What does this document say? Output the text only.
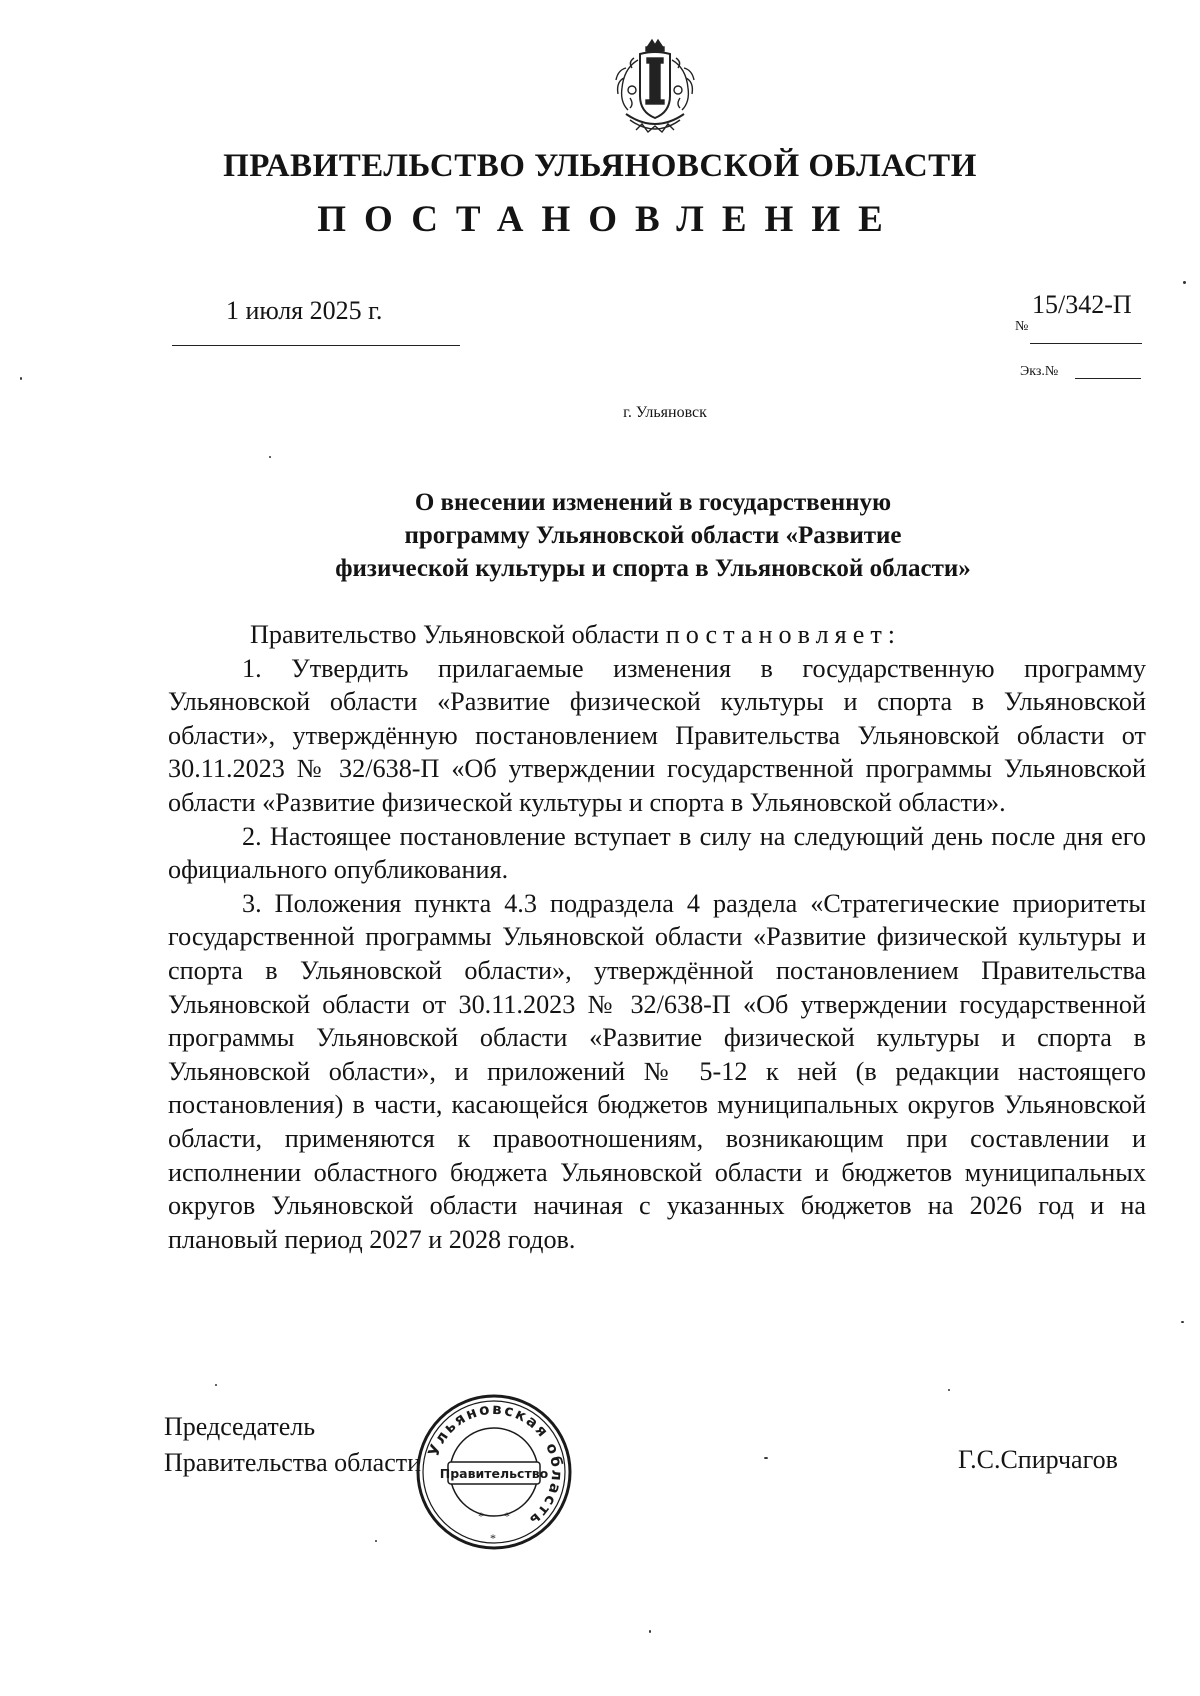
ПРАВИТЕЛЬСТВО УЛЬЯНОВСКОЙ ОБЛАСТИ
ПОСТАНОВЛЕНИЕ
1 июля 2025 г.	15/342-П
№
Экз.№
г. Ульяновск
О внесении изменений в государственную
программу Ульяновской области «Развитие
физической культуры и спорта в Ульяновской области»

Правительство Ульяновской области постановляет:

1. Утвердить прилагаемые изменения в государственную программу Ульяновской области «Развитие физической культуры и спорта в Ульяновской области», утверждённую постановлением Правительства Ульяновской области от 30.11.2023 № 32/638-П «Об утверждении государственной программы Ульяновской области «Развитие физической культуры и спорта в Ульяновской области».

2. Настоящее постановление вступает в силу на следующий день после дня его официального опубликования.

3. Положения пункта 4.3 подраздела 4 раздела «Стратегические приоритеты государственной программы Ульяновской области «Развитие физической культуры и спорта в Ульяновской области», утверждённой постановлением Правительства Ульяновской области от 30.11.2023 № 32/638-П «Об утверждении государственной программы Ульяновской области «Развитие физической культуры и спорта в Ульяновской области», и приложений № 5-12 к ней (в редакции настоящего постановления) в части, касающейся бюджетов муниципальных округов Ульяновской области, применяются к правоотношениям, возникающим при составлении и исполнении областного бюджета Ульяновской области и бюджетов муниципальных округов Ульяновской области начиная с указанных бюджетов на 2026 год и на плановый период 2027 и 2028 годов.

Председатель
Правительства области	Г.С.Спирчагов
Ульяновская область
Правительство
* *
*
